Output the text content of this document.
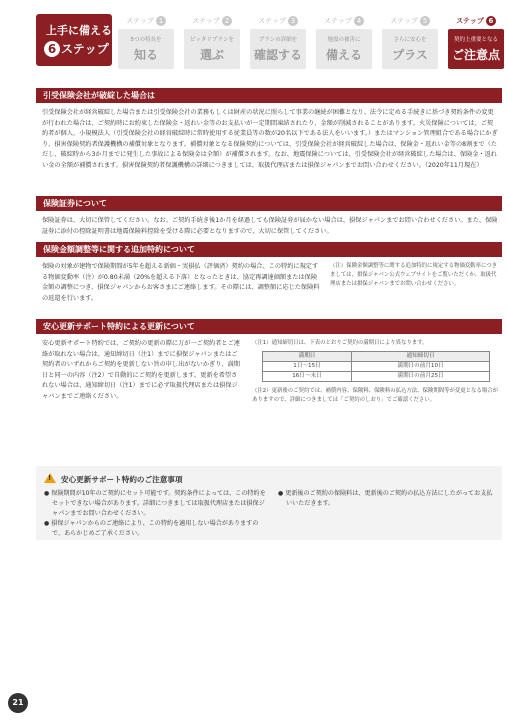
上手に備える
6 ステップ
ステップ 1
5つの特長を
知る
ステップ 2
ピッタリプランを
選ぶ
ステップ 3
プランの詳細を
確認する
ステップ 4
地震の被害に
備える
ステップ 5
さらに安心を
プラス
ステップ 6
契約上重要となる
ご注意点
引受保険会社が破綻した場合は
引受保険会社が経営破綻した場合または引受保険会社の業務もしくは財産の状況に照らして事業の継続が困難となり、法令に定める手続きに基づき契約条件の変更が行われた場合は、ご契約時にお約束した保険金・返れい金等のお支払いが一定期間凍結されたり、金額が削減されることがあります。火災保険については、ご契約者が個人、小規模法人（引受保険会社の経営破綻時に常時使用する従業員等の数が20名以下である法人をいいます。）またはマンション管理組合である場合にかぎり、損害保険契約者保護機構の補償対象となります。補償対象となる保険契約については、引受保険会社が経営破綻した場合は、保険金・返れい金等の8割まで（ただし、破綻時から3か月までに発生した事故による保険金は全額）が補償されます。なお、地震保険については、引受保険会社が経営破綻した場合は、保険金・返れい金の全額が補償されます。損害保険契約者保護機構の詳細につきましては、取扱代理店または損保ジャパンまでお問い合わせください。（2020年11月現在）
保険証券について
保険証券は、大切に保管してください。なお、ご契約手続き後1か月を経過しても保険証券が届かない場合は、損保ジャパンまでお問い合わせください。また、保険証券に添付の控除証明書は地震保険料控除を受ける際に必要となりますので、大切に保管してください。
保険金額調整等に関する追加特約について
保険の対象が建物で保険期間が5年を超える新価・実損払（評価済）契約の場合、この特約に規定する物価変動率（注）が0.80未満（20%を超える下落）となったときは、協定再調達価額または保険金額の調整につき、損保ジャパンからお客さまにご連絡します。その際には、調整額に応じた保険料の返還を行います。
（注）保険金額調整等に関する追加特約に規定する物価変動率につきましては、損保ジャパン公式ウェブサイトをご覧いただくか、取扱代理店または損保ジャパンまでお問い合わせください。
安心更新サポート特約による更新について
安心更新サポート特約では、ご契約の更新の際に万が一ご契約者とご連絡が取れない場合は、通知締切日（注1）までに損保ジャパンまたはご契約者のいずれからご契約を更新しない旨の申し出がないかぎり、満期日と同一の内容（注2）で自動的にご契約を更新します。更新を希望されない場合は、通知締切日（注1）までに必ず取扱代理店または損保ジャパンまでご連絡ください。
（注1）通知締切日は、下表のとおりご契約の満期日により異なります。
満期日	通知締切日
1日～15日	満期日の前月10日
16日～末日	満期日の前月25日
（注2）更新後のご契約では、補償内容、保険料、保険料の払込方法、保険期間等が変更となる場合がありますので、詳細につきましては「ご契約のしおり」でご確認ください。
!安心更新サポート特約のご注意事項
● 保険期間が10年のご契約にセット可能です。契約条件によっては、この特約をセットできない場合があります。詳細につきましては取扱代理店または損保ジャパンまでお問い合わせください。
● 損保ジャパンからのご連絡により、この特約を適用しない場合がありますので、あらかじめご了承ください。
● 更新後のご契約の保険料は、更新後のご契約の払込方法にしたがってお支払いいただきます。
21
